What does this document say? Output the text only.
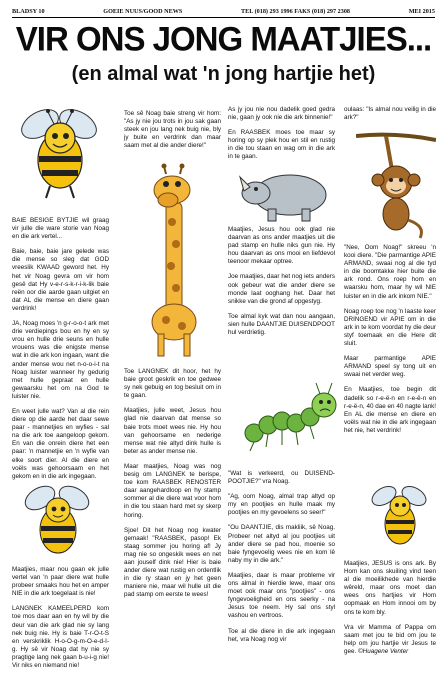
BLADSY 10	GOEIE NUUS/GOOD NEWS	TEL (018) 293 1996 FAKS (018) 297 2308	MEI 2015
VIR ONS JONG MAATJIES...
(en almal wat 'n jong hartjie het)

BAIE BESIGE BYTJIE wil graag vir julle die ware storie van Noag en die ark vertel...

Baie, baie, baie jare gelede was die mense so sleg dat GOD vreeslik KWAAD geword het. Hy het vir Noag gevra om vir hom gesê dat Hy v-e-r-s-k-r-i-k-lik baie reën oor die aarde gaan uitgiet en dat AL die mense en diere gaan verdrink!

JA, Noag moes 'n g-r-o-o-t ark met drie verdiepings bou en hy en sy vrou en hulle drie seuns en hulle vrouens was die enigste mense wat in die ark kon ingaan, want die ander mense wou net n-o-o-i-t na Noag luister wanneer hy gedurig met hulle gepraat en hulle gewaarsku het om na God te luister nie.

En weet julle wat? Van al die rein diere op die aarde het daar sewe paar - mannetjies en wyfies - sal na die ark toe aangeloop gekom. En van die onrein diere het een paar: 'n mannetjie en 'n wyfie van elke soort dier. Al die diere en voëls was gehoorsaam en het gekom en in die ark ingegaan.

Maatjies, maar nou gaan ek julle vertel van 'n paar diere wat hulle probeer smaaks hou het en amper NIE in die ark toegelaat is nie!

LANGNEK KAMEELPERD kom toe mos daar aan en hy wil by die deur van die ark glad nie sy lang nek buig nie. Hy is baie T-r-O-t-S en verskriklik H-o-O-g-m-O-e-d-I-g. Hy sê vir Noag dat hy nie sy pragtige lang nek gaan b-u-i-g nie! Vir niks en niemand nie!

Toe sê Noag baie streng vir hom: "As jy nie jou trots in jou sak gaan steek en jou lang nek buig nie, bly jy buite en verdrink dan maar saam met al die ander diere!"

Toe LANGNEK dit hoor, het hy baie groot geskrik en toe gedwee sy nek gebuig en tog besluit om in te gaan.

Maatjies, julle weet, Jesus hou glad nie daarvan dat mense so baie trots moet wees nie. Hy hou van gehoorsame en nederige mense wat nie altyd dink hulle is beter as ander mense nie.

Maar maatjies, Noag was nog besig om LANGNEK te berispe, toe kom RAASBEK RENOSTER daar aangehardloop en hy stamp sommer al die diere wat voor hom in die tou staan hard met sy skerp horing.

Sjoe! Dit het Noag nog kwater gemaak! "RAASBEK, pasop! Ek staag sommer jou horing af! Jy mag nie so ongeskik wees en net aan jouself dink nie! Hier is baie ander diere wat rustig en ordentlik in die ry staan en jy het geen maniere nie, maar wil hulle uit die pad stamp om eerste te wees!

As jy jou nie nou dadelik goed gedra nie, gaan jy ook nie die ark binnenie!"

En RAASBEK moes toe maar sy horing op sy plek hou en stil en rustig in die tou staan en wag om in die ark in te gaan.

Maatjies, Jesus hou ook glad nie daarvan as ons ander maatjies uit die pad stamp en hulle niks gun nie. Hy hou daarvan as ons mooi en liefdevol teenoor mekaar optree.

Joe maatjies, daar het nog iets anders ook gebeur wat die ander diere se monde laat ooghang het. Daar het snikke van die grond af opgestyg.

Toe almal kyk wat dan nou aangaan, sien hulle DAANTJIE DUISENDPOOT hul verdrietig.

"Wat is verkeerd, ou DUISEND-POOTJIE?" vra Noag.

"Ag, oom Noag, almal trap altyd op my en pootjies en hulle maak my pootjies en my gevoelens so seer!"

"Ou DAANTJIE, dis makliik, sê Noag. Probeer net altyd al jou pootjies uit ander diere se pad hou, moenie so baie fyngevoelig wees nie en kom lê naby my in die ark."

Maatjies, daar is maar probleme vir ons almal in hierdie lewe, maar ons moet ook maar ons "pootjies" - ons fyngevoeligheid en ons seerky - na Jesus toe neem. Hy sal ons styl vashou en vertroos.

Toe al die diere in die ark ingegaan het, vra Noag nog vir

oulaas: "Is almal nou veilig in die ark?"

"Nee, Oom Noag!" skreeu 'n kooi diere. "Die parmantige APIE ARMAND, swaai nog al die tyd in die boomtakke hier buite die ark rond. Ons roep hom en waarsku hom, maar hy wil NIE luister en in die ark inkom NIE."

Noag roep toe nog 'n laaste keer DRINGEND vir APIE om in die ark in te kom voordat hy die deur styf toemaak en die Here dit sluit.

Maar parmantige APIE ARMAND speel sy tong uit en swaai net verder weg.

En Maatjies, toe begin dit dadelik so r-e-ë-n en r-e-ë-n en r-e-ë-n, 40 dae en 40 nagte lank! En AL die mense en diere en voëls wat nie in die ark ingegaan het nie, het verdrink!

Maatjies, JESUS is ons ark. By Hom kan ons skuiling vind teen al die moeilikhede van hierdie wêreld, maar ons moet dan wees ons hartjies vir Hom oopmaak en Hom innooi om by ons te kom bly.

Vra vir Mamma of Pappa om saam met jou te bid om jou te help om jou hartjie vir Jesus te gee. ©Huagene Venter
